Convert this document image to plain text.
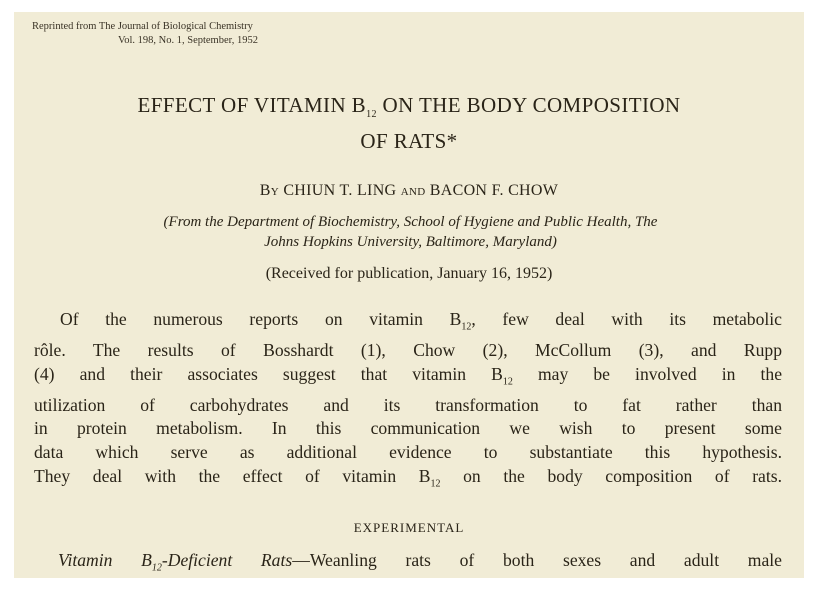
Reprinted from The Journal of Biological Chemistry
Vol. 198, No. 1, September, 1952
EFFECT OF VITAMIN $B_{12}$ ON THE BODY COMPOSITION
OF RATS*
By CHIUN T. LING and BACON F. CHOW
(From the Department of Biochemistry, School of Hygiene and Public Health, The
Johns Hopkins University, Baltimore, Maryland)
(Received for publication, January 16, 1952)
Of the numerous reports on vitamin $B_{12}$, few deal with its metabolic
rôle. The results of Bosshardt (1), Chow (2), McCollum (3), and Rupp
(4) and their associates suggest that vitamin $B_{12}$ may be involved in the
utilization of carbohydrates and its transformation to fat rather than
in protein metabolism. In this communication we wish to present some
data which serve as additional evidence to substantiate this hypothesis.
They deal with the effect of vitamin $B_{12}$ on the body composition of rats.
EXPERIMENTAL
Vitamin $B_{12}$-Deficient Rats—Weanling rats of both sexes and adult male
